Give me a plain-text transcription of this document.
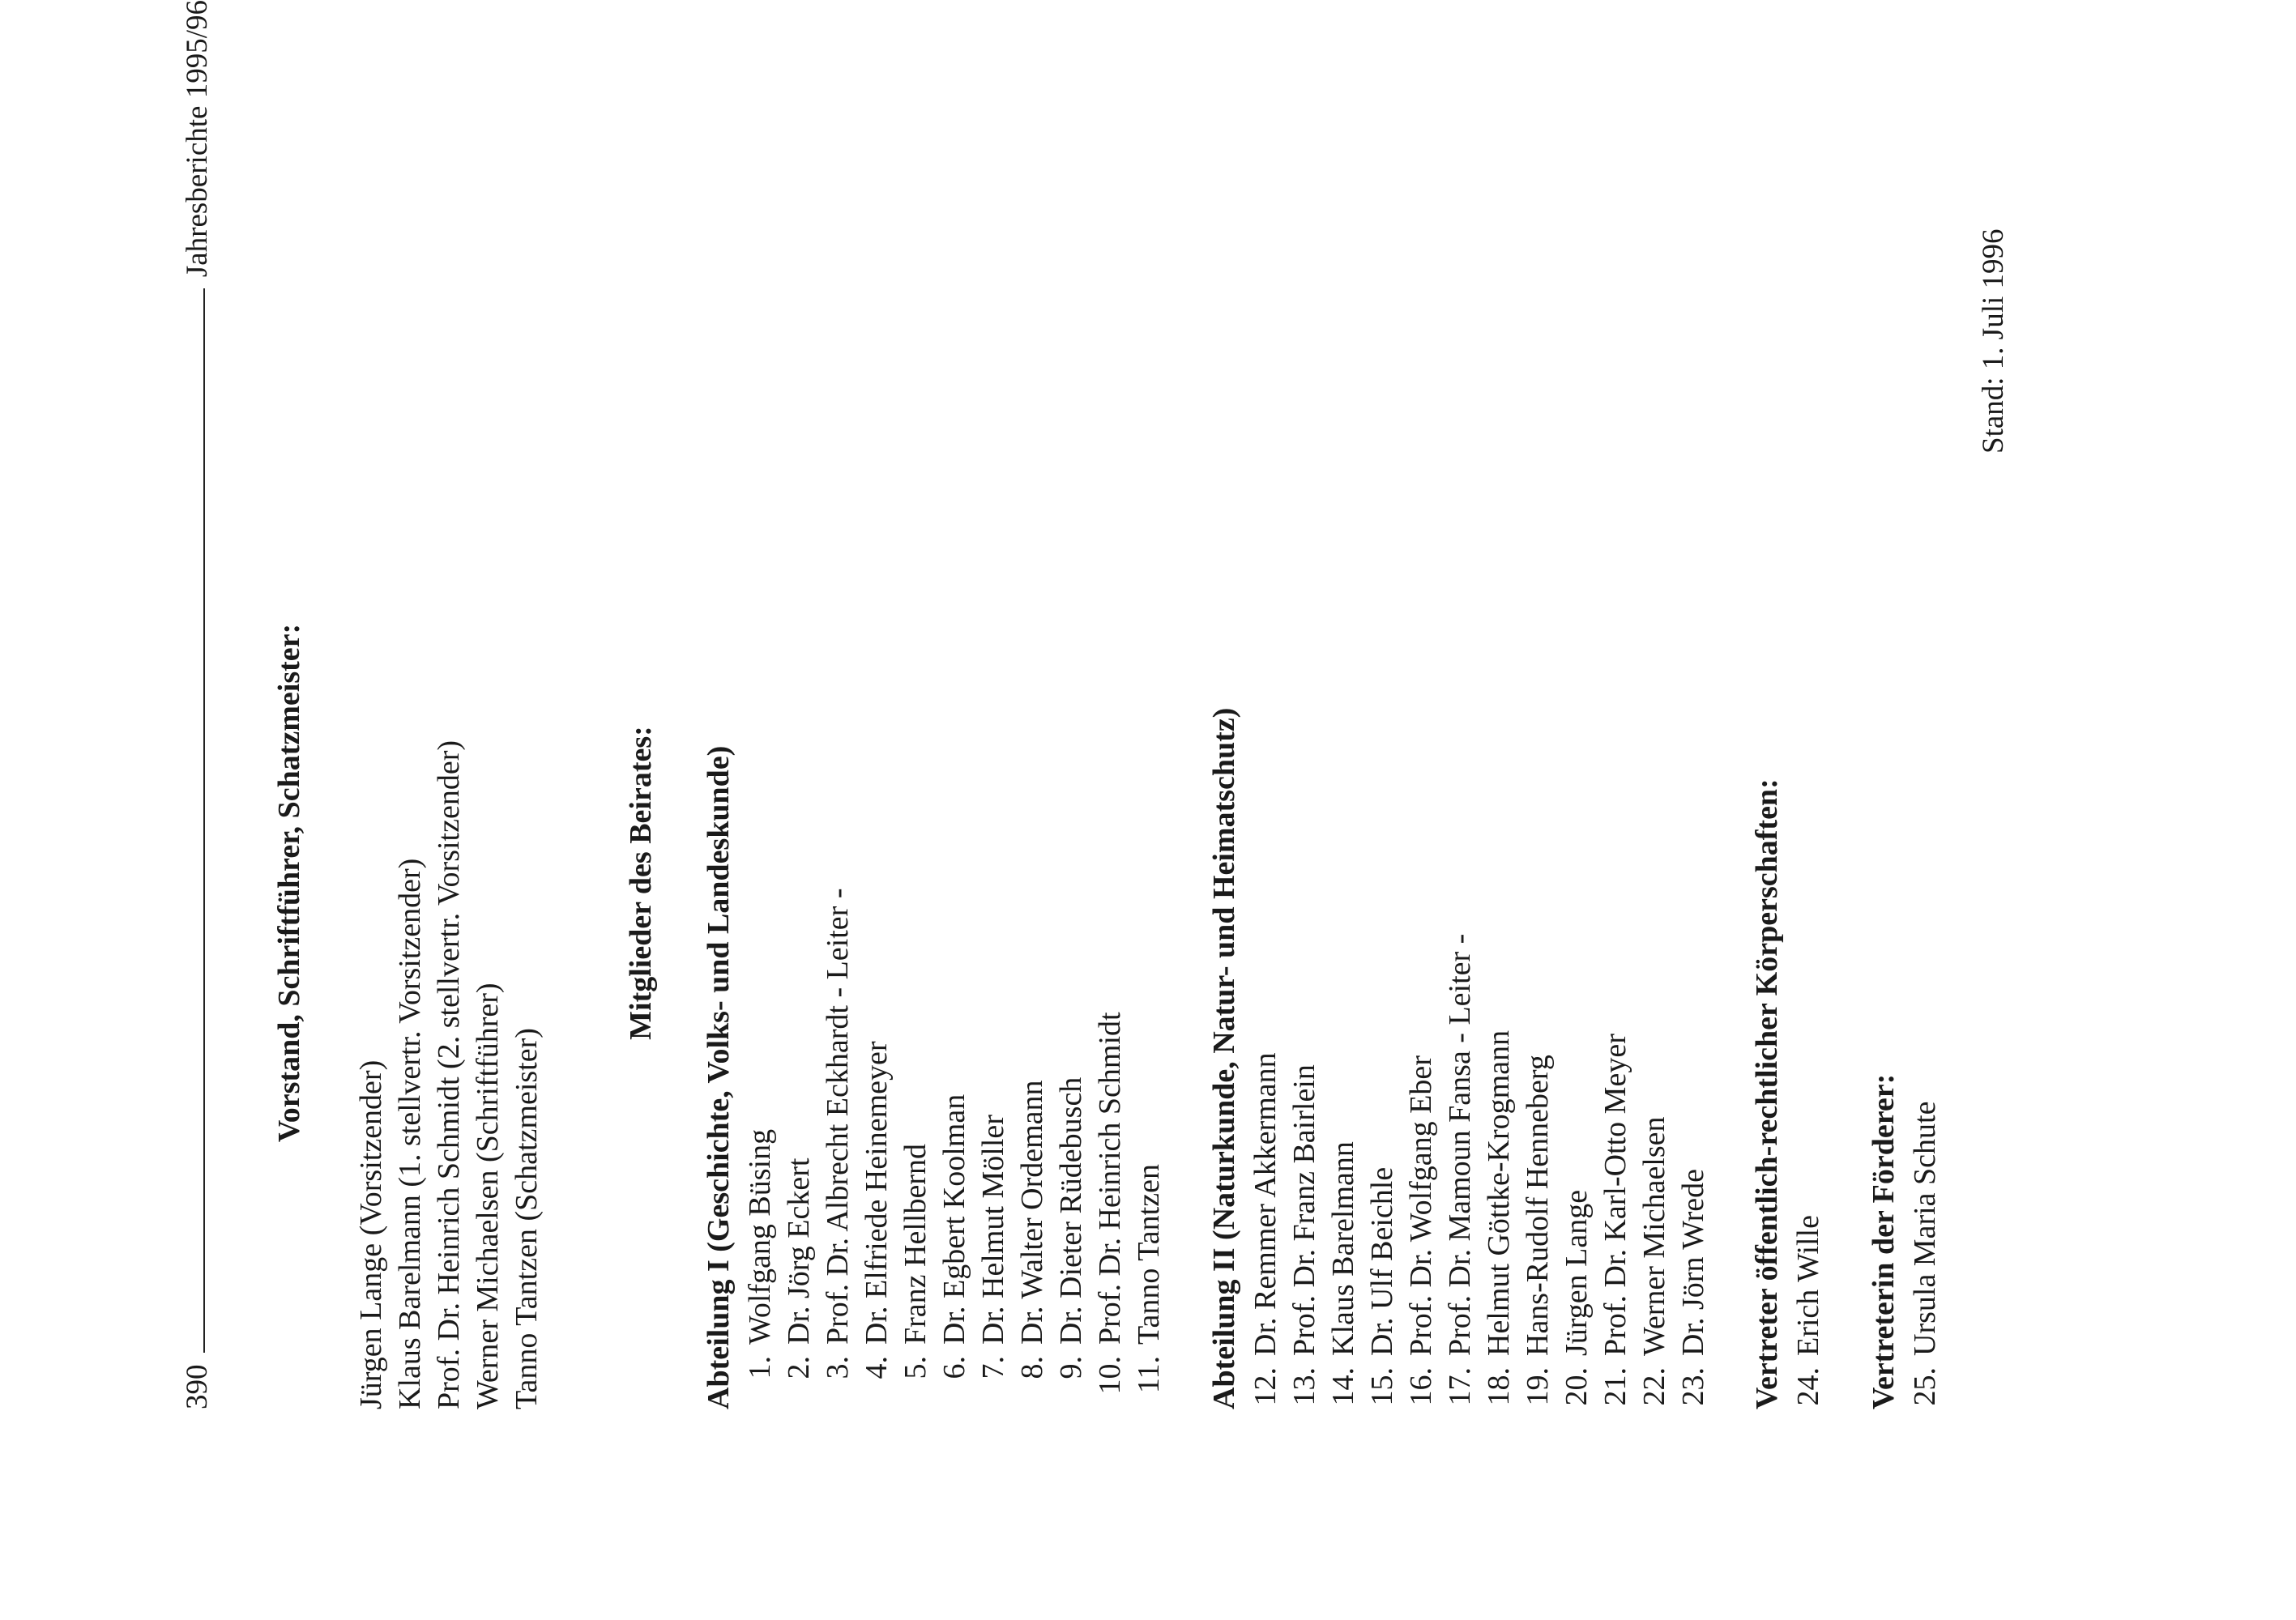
390
Jahresberichte 1995/96
Vorstand, Schriftführer, Schatzmeister:
Jürgen Lange (Vorsitzender) Klaus Barelmann (1. stellvertr. Vorsitzender) Prof. Dr. Heinrich Schmidt (2. stellvertr. Vorsitzender) Werner Michaelsen (Schriftführer) Tanno Tantzen (Schatzmeister)
Mitglieder des Beirates: Abteilung I (Geschichte, Volks- und Landeskunde) 1.
Wolfgang Büsing
2.
Dr. Jörg Eckert
3.
Prof. Dr. Albrecht Eckhardt - Leiter -
4.
Dr. Elfriede Heinemeyer
5.
Franz Hellbernd
6.
Dr. Egbert Koolman
7.
Dr. Helmut Möller
8.
Dr. Walter Ordemann
9.
Dr. Dieter Rüdebusch
10.
Prof. Dr. Heinrich Schmidt
11.
Tanno Tantzen Abteilung II (Naturkunde, Natur- und Heimatschutz) 12.
Dr. Remmer Akkermann
13.
Prof. Dr. Franz Bairlein
14.
Klaus Barelmann
15.
Dr. Ulf Beichle
16.
Prof. Dr. Wolfgang Eber
17.
Prof. Dr. Mamoun Fansa - Leiter -
18.
Helmut Göttke-Krogmann
19.
Hans-Rudolf Henneberg
20.
Jürgen Lange
21.
Prof. Dr. Karl-Otto Meyer
22.
Werner Michaelsen
23.
Dr. Jörn Wrede Vertreter öffentlich-rechtlicher Körperschaften: 24.
Erich Wille Vertreterin der Förderer: 25.
Ursula Maria Schute
Stand: 1. Juli 1996
